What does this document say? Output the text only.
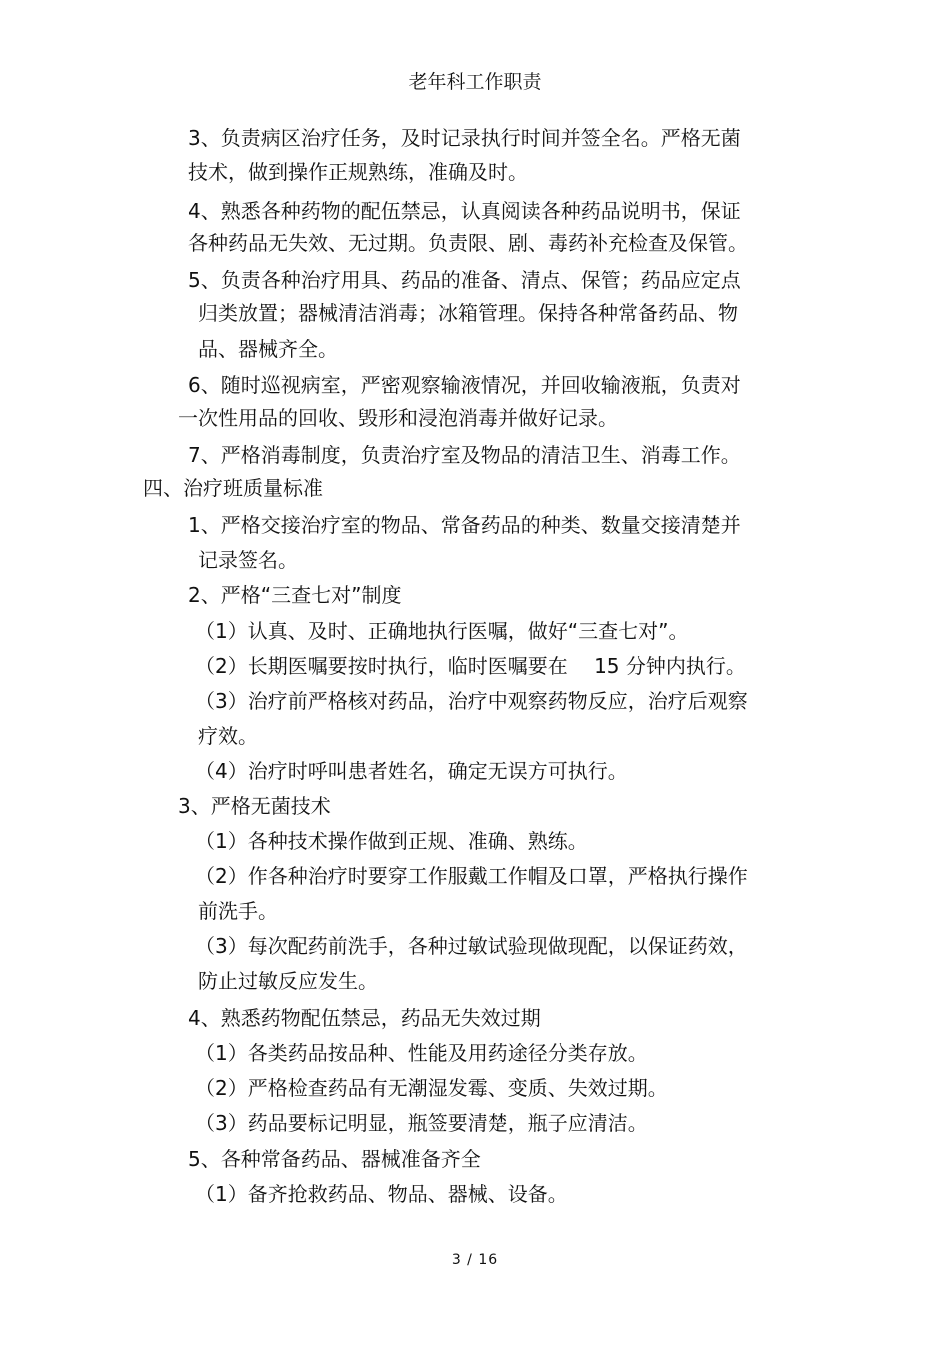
老年科工作职责
3、负责病区治疗任务，及时记录执行时间并签全名。严格无菌
技术，做到操作正规熟练，准确及时。
4、熟悉各种药物的配伍禁忌，认真阅读各种药品说明书，保证
各种药品无失效、无过期。负责限、剧、毒药补充检查及保管。
5、负责各种治疗用具、药品的准备、清点、保管；药品应定点
归类放置；器械清洁消毒；冰箱管理。保持各种常备药品、物
品、器械齐全。
6、随时巡视病室，严密观察输液情况，并回收输液瓶，负责对
一次性用品的回收、毁形和浸泡消毒并做好记录。
7、严格消毒制度，负责治疗室及物品的清洁卫生、消毒工作。
四、治疗班质量标准
1、严格交接治疗室的物品、常备药品的种类、数量交接清楚并
记录签名。
2、严格“三查七对”制度
（1）认真、及时、正确地执行医嘱，做好“三查七对”。
（2）长期医嘱要按时执行，临时医嘱要在　 15 分钟内执行。
（3）治疗前严格核对药品，治疗中观察药物反应，治疗后观察
疗效。
（4）治疗时呼叫患者姓名，确定无误方可执行。
3、严格无菌技术
（1）各种技术操作做到正规、准确、熟练。
（2）作各种治疗时要穿工作服戴工作帽及口罩，严格执行操作
前洗手。
（3）每次配药前洗手，各种过敏试验现做现配，以保证药效，
防止过敏反应发生。
4、熟悉药物配伍禁忌，药品无失效过期
（1）各类药品按品种、性能及用药途径分类存放。
（2）严格检查药品有无潮湿发霉、变质、失效过期。
（3）药品要标记明显，瓶签要清楚，瓶子应清洁。
5、各种常备药品、器械准备齐全
（1）备齐抢救药品、物品、器械、设备。
3 / 16
